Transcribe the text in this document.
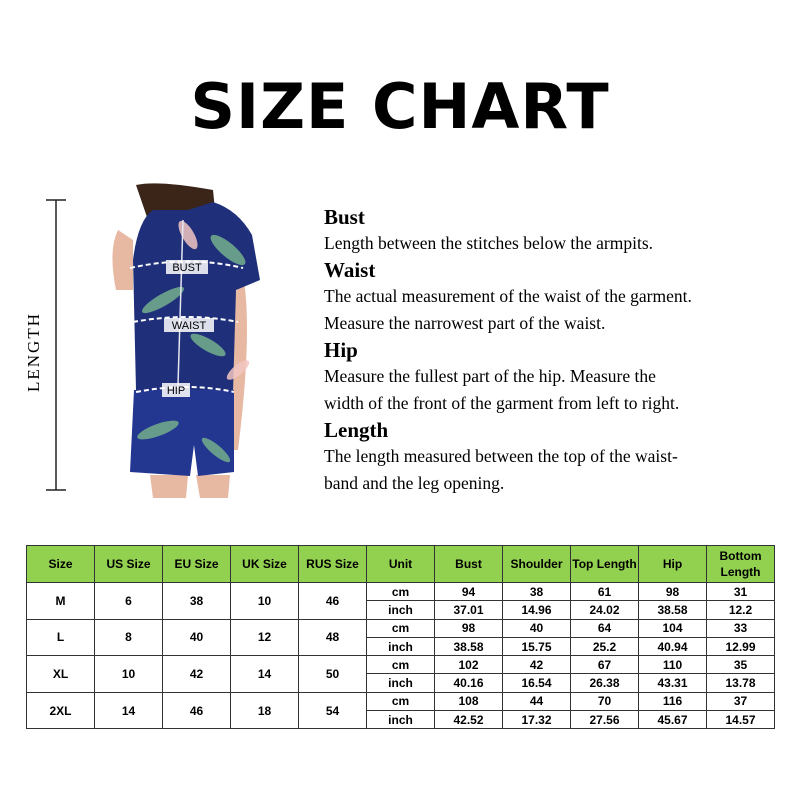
SIZE CHART
LENGTH
BUST
WAIST
HIP
Bust
Length between the stitches below the armpits.
Waist
The actual measurement of the waist of the garment.
Measure the narrowest part of the waist.
Hip
Measure the fullest part of the hip. Measure the
width of the front of the garment from left to right.
Length
The length measured between the top of the waist-
band and the leg opening.
Size	US Size	EU Size	UK Size	RUS Size	Unit	Bust	Shoulder	Top Length	Hip	Bottom Length
M	6	38	10	46	cm	94	38	61	98	31
					inch	37.01	14.96	24.02	38.58	12.2
L	8	40	12	48	cm	98	40	64	104	33
					inch	38.58	15.75	25.2	40.94	12.99
XL	10	42	14	50	cm	102	42	67	110	35
					inch	40.16	16.54	26.38	43.31	13.78
2XL	14	46	18	54	cm	108	44	70	116	37
					inch	42.52	17.32	27.56	45.67	14.57
